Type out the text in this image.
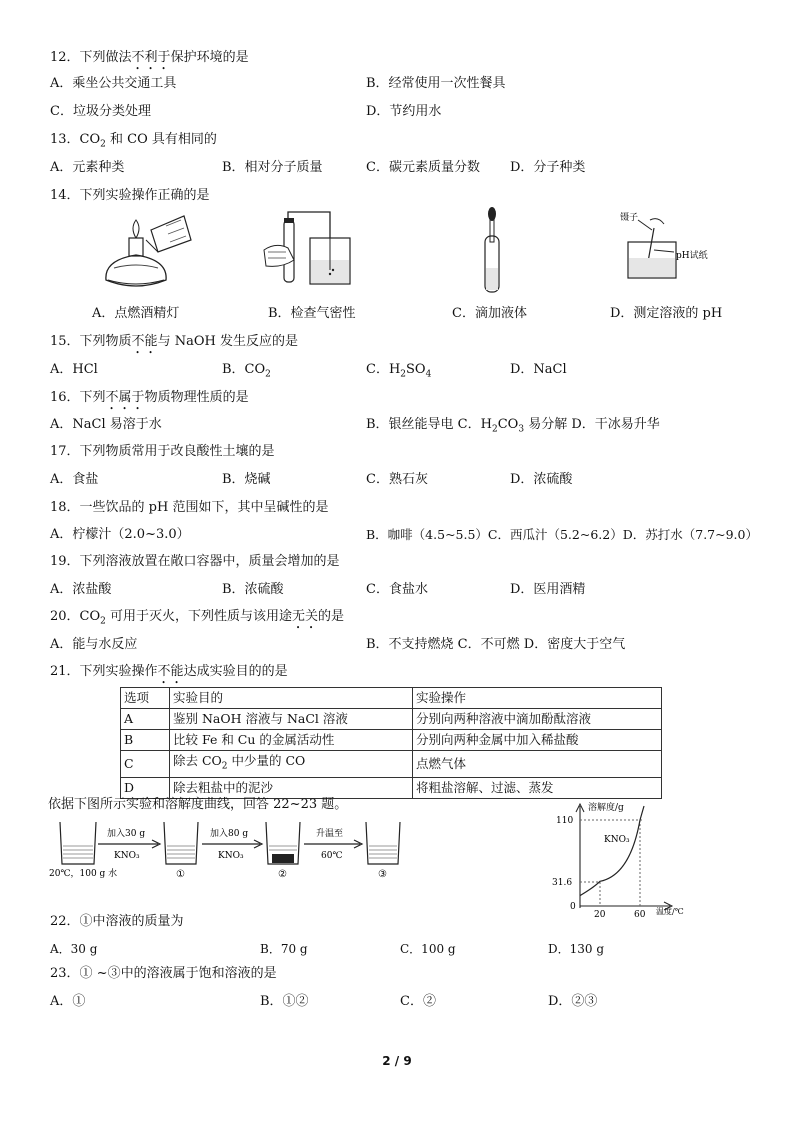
12．下列做法不利于保护环境的是
A．乘坐公共交通工具	B．经常使用一次性餐具
C．垃圾分类处理	D．节约用水
13．$CO_2$ 和 CO 具有相同的
A．元素种类	B．相对分子质量	C．碳元素质量分数 D．分子种类
14．下列实验操作正确的是
镊子
pH试纸
A．点燃酒精灯	B．检查气密性	C．滴加液体	D．测定溶液的 pH
15．下列物质不能与 NaOH 发生反应的是
A．HCl	B．$CO_2$	C．$H_2SO_4$	D．NaCl
16．下列不属于物质物理性质的是
A．NaCl 易溶于水	B．银丝能导电 C．$H_2CO_3$ 易分解 D．干冰易升华
17．下列物质常用于改良酸性土壤的是
A．食盐	B．烧碱	C．熟石灰	D．浓硫酸
18．一些饮品的 pH 范围如下，其中呈碱性的是
A．柠檬汁（2.0~3.0）	B．咖啡（4.5~5.5）C．西瓜汁（5.2~6.2）D．苏打水（7.7~9.0）
19．下列溶液放置在敞口容器中，质量会增加的是
A．浓盐酸	B．浓硫酸	C．食盐水	D．医用酒精
20．$CO_2$ 可用于灭火，下列性质与该用途无关的是
A．能与水反应	B．不支持燃烧 C．不可燃 D．密度大于空气
21．下列实验操作不能达成实验目的的是
选项	实验目的	实验操作
A	鉴别 NaOH 溶液与 NaCl 溶液	分别向两种溶液中滴加酚酞溶液
B	比较 Fe 和 Cu 的金属活动性	分别向两种金属中加入稀盐酸
C	除去 $CO_2$ 中少量的 CO	点燃气体
D	除去粗盐中的泥沙	将粗盐溶解、过滤、蒸发
依据下图所示实验和溶解度曲线，回答 22~23 题。
加入30 g
KNO₃
加入80 g
KNO₃
升温至
60℃
20℃，100 g 水	①	②	③
溶解度/g
温度/℃
110
31.6
0
20	60
KNO₃
22．①中溶液的质量为
A．30 g	B．70 g	C．100 g	D．130 g
23．① ~③中的溶液属于饱和溶液的是
A．①	B．①②	C．②	D．②③
2 / 9
